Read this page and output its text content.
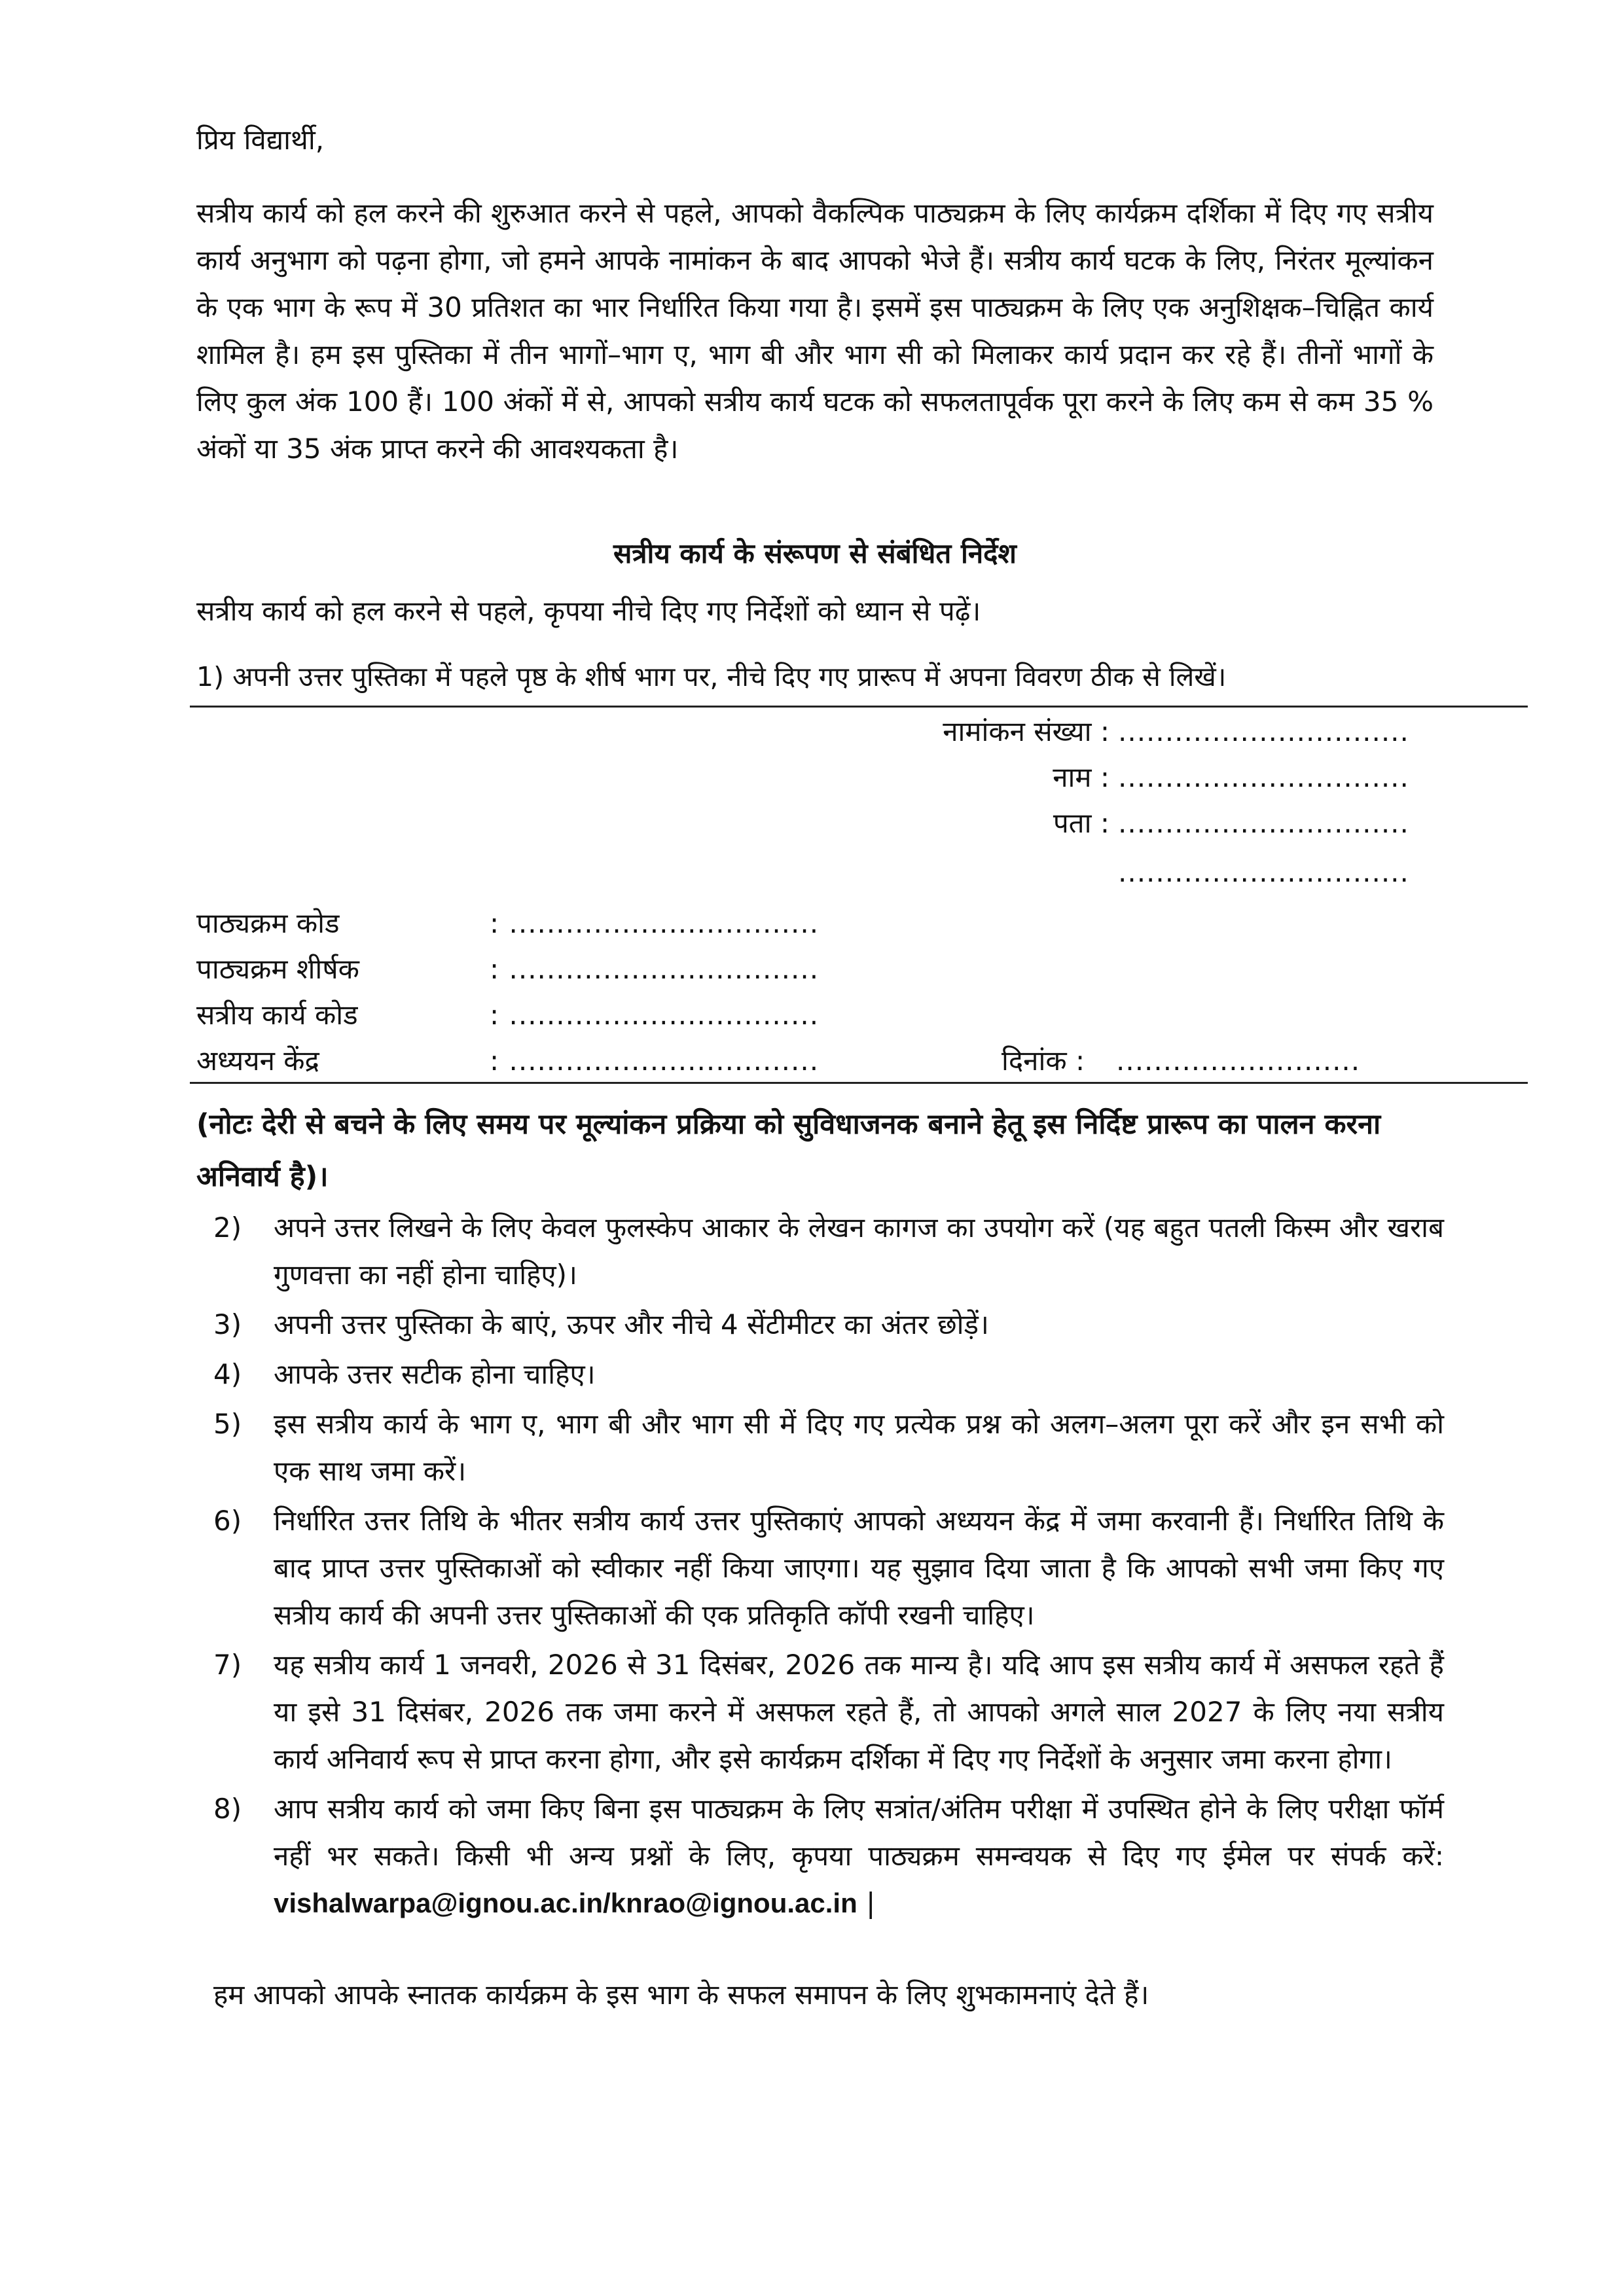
प्रिय विद्यार्थी,

सत्रीय कार्य को हल करने की शुरुआत करने से पहले, आपको वैकल्पिक पाठ्यक्रम के लिए कार्यक्रम दर्शिका में दिए गए सत्रीय कार्य अनुभाग को पढ़ना होगा, जो हमने आपके नामांकन के बाद आपको भेजे हैं। सत्रीय कार्य घटक के लिए, निरंतर मूल्यांकन के एक भाग के रूप में 30 प्रतिशत का भार निर्धारित किया गया है। इसमें इस पाठ्यक्रम के लिए एक अनुशिक्षक–चिह्नित कार्य शामिल है। हम इस पुस्तिका में तीन भागों–भाग ए, भाग बी और भाग सी को मिलाकर कार्य प्रदान कर रहे हैं। तीनों भागों के लिए कुल अंक 100 हैं। 100 अंकों में से, आपको सत्रीय कार्य घटक को सफलतापूर्वक पूरा करने के लिए कम से कम 35 % अंकों या 35 अंक प्राप्त करने की आवश्यकता है।

सत्रीय कार्य के संरूपण से संबंधित निर्देश

सत्रीय कार्य को हल करने से पहले, कृपया नीचे दिए गए निर्देशों को ध्यान से पढ़ें।

1) अपनी उत्तर पुस्तिका में पहले पृष्ठ के शीर्ष भाग पर, नीचे दिए गए प्रारूप में अपना विवरण ठीक से लिखें।

नामांकन संख्या : ...............................
नाम : ...............................
पता : ...............................
...............................
पाठ्यक्रम कोड	: .................................
पाठ्यक्रम शीर्षक	: .................................
सत्रीय कार्य कोड	: .................................
अध्ययन केंद्र	: .................................	दिनांक : ..........................

(नोटः देरी से बचने के लिए समय पर मूल्यांकन प्रक्रिया को सुविधाजनक बनाने हेतू इस निर्दिष्ट प्रारूप का पालन करना अनिवार्य है)।

2)	अपने उत्तर लिखने के लिए केवल फुलस्केप आकार के लेखन कागज का उपयोग करें (यह बहुत पतली किस्म और खराब गुणवत्ता का नहीं होना चाहिए)।
3)	अपनी उत्तर पुस्तिका के बाएं, ऊपर और नीचे 4 सेंटीमीटर का अंतर छोड़ें।
4)	आपके उत्तर सटीक होना चाहिए।
5)	इस सत्रीय कार्य के भाग ए, भाग बी और भाग सी में दिए गए प्रत्येक प्रश्न को अलग–अलग पूरा करें और इन सभी को एक साथ जमा करें।
6)	निर्धारित उत्तर तिथि के भीतर सत्रीय कार्य उत्तर पुस्तिकाएं आपको अध्ययन केंद्र में जमा करवानी हैं। निर्धारित तिथि के बाद प्राप्त उत्तर पुस्तिकाओं को स्वीकार नहीं किया जाएगा। यह सुझाव दिया जाता है कि आपको सभी जमा किए गए सत्रीय कार्य की अपनी उत्तर पुस्तिकाओं की एक प्रतिकृति कॉपी रखनी चाहिए।
7)	यह सत्रीय कार्य 1 जनवरी, 2026 से 31 दिसंबर, 2026 तक मान्य है। यदि आप इस सत्रीय कार्य में असफल रहते हैं या इसे 31 दिसंबर, 2026 तक जमा करने में असफल रहते हैं, तो आपको अगले साल 2027 के लिए नया सत्रीय कार्य अनिवार्य रूप से प्राप्त करना होगा, और इसे कार्यक्रम दर्शिका में दिए गए निर्देशों के अनुसार जमा करना होगा।
8)	आप सत्रीय कार्य को जमा किए बिना इस पाठ्यक्रम के लिए सत्रांत/अंतिम परीक्षा में उपस्थित होने के लिए परीक्षा फॉर्म नहीं भर सकते। किसी भी अन्य प्रश्नों के लिए, कृपया पाठ्यक्रम समन्वयक से दिए गए ईमेल पर संपर्क करें: vishalwarpa@ignou.ac.in/knrao@ignou.ac.in |

हम आपको आपके स्नातक कार्यक्रम के इस भाग के सफल समापन के लिए शुभकामनाएं देते हैं।
